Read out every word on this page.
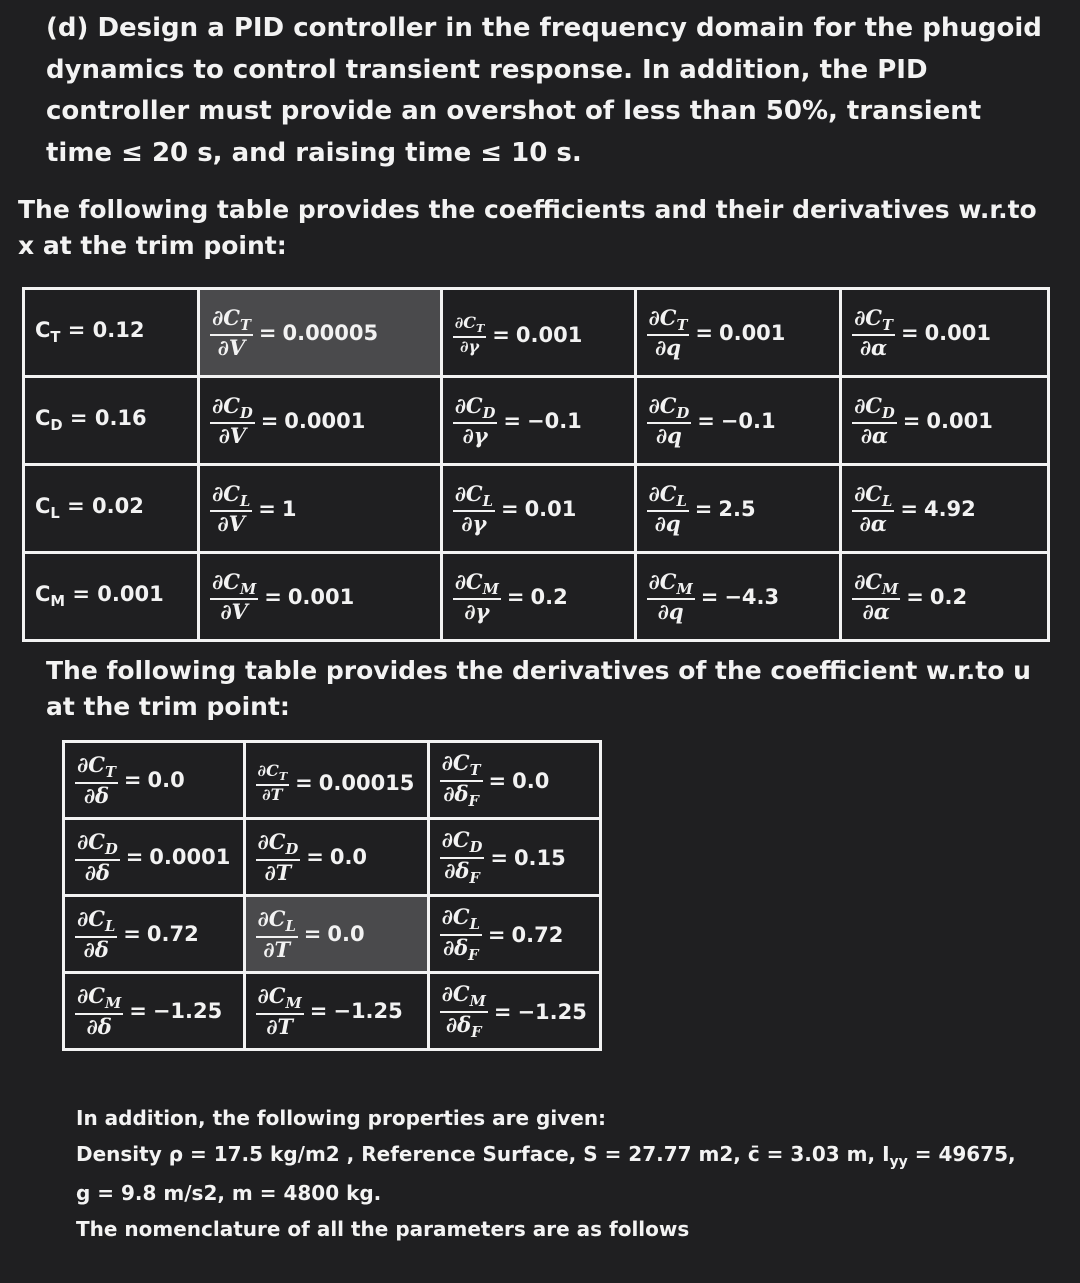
(d) Design a PID controller in the frequency domain for the phugoid dynamics to control transient response. In addition, the PID controller must provide an overshot of less than 50%, transient time ≤ 20 s, and raising time ≤ 10 s.

The following table provides the coefficients and their derivatives w.r.to x at the trim point:

$C_T = 0.12$	$\frac{\partial C_T}{\partial V} = 0.00005$	$\frac{\partial C_T}{\partial\gamma} = 0.001$	$\frac{\partial C_T}{\partial q} = 0.001$	$\frac{\partial C_T}{\partial\alpha} = 0.001$

$C_D = 0.16$	$\frac{\partial C_D}{\partial V} = 0.0001$	$\frac{\partial C_D}{\partial\gamma} = -0.1$	$\frac{\partial C_D}{\partial q} = -0.1$	$\frac{\partial C_D}{\partial\alpha} = 0.001$

$C_L = 0.02$	$\frac{\partial C_L}{\partial V} = 1$	$\frac{\partial C_L}{\partial\gamma} = 0.01$	$\frac{\partial C_L}{\partial q} = 2.5$	$\frac{\partial C_L}{\partial\alpha} = 4.92$

$C_M = 0.001$	$\frac{\partial C_M}{\partial V} = 0.001$	$\frac{\partial C_M}{\partial\gamma} = 0.2$	$\frac{\partial C_M}{\partial q} = -4.3$	$\frac{\partial C_M}{\partial\alpha} = 0.2$

The following table provides the derivatives of the coefficient w.r.to u at the trim point:

$\frac{\partial C_T}{\partial\delta} = 0.0$	$\frac{\partial C_T}{\partial T} = 0.00015$	$\frac{\partial C_T}{\partial\delta_F} = 0.0$

$\frac{\partial C_D}{\partial\delta} = 0.0001$	$\frac{\partial C_D}{\partial T} = 0.0$	$\frac{\partial C_D}{\partial\delta_F} = 0.15$

$\frac{\partial C_L}{\partial\delta} = 0.72$	$\frac{\partial C_L}{\partial T} = 0.0$	$\frac{\partial C_L}{\partial\delta_F} = 0.72$

$\frac{\partial C_M}{\partial\delta} = -1.25$	$\frac{\partial C_M}{\partial T} = -1.25$	$\frac{\partial C_M}{\partial\delta_F} = -1.25$
In addition, the following properties are given:
Density ρ = 17.5 kg/m2 , Reference Surface, S = 27.77 m2, c̄ = 3.03 m, $I_{yy} = 49675$,
g = 9.8 m/s2, m = 4800 kg.
The nomenclature of all the parameters are as follows
